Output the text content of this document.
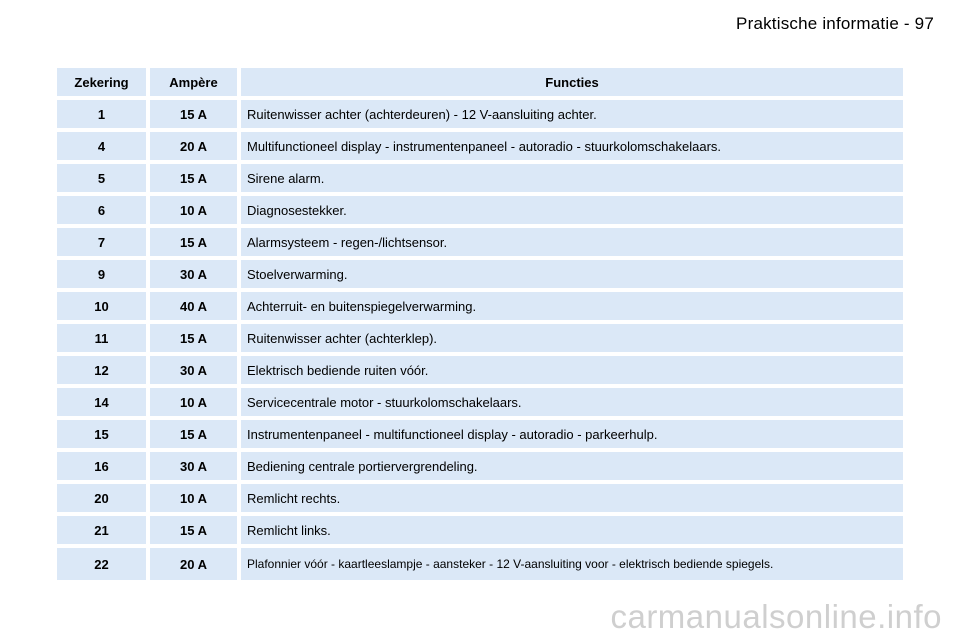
Praktische informatie - 97
Zekering	Ampère	Functies
1	15 A	Ruitenwisser achter (achterdeuren) - 12 V-aansluiting achter.
4	20 A	Multifunctioneel display - instrumentenpaneel - autoradio - stuurkolomschakelaars.
5	15 A	Sirene alarm.
6	10 A	Diagnosestekker.
7	15 A	Alarmsysteem - regen-/lichtsensor.
9	30 A	Stoelverwarming.
10	40 A	Achterruit- en buitenspiegelverwarming.
11	15 A	Ruitenwisser achter (achterklep).
12	30 A	Elektrisch bediende ruiten vóór.
14	10 A	Servicecentrale motor - stuurkolomschakelaars.
15	15 A	Instrumentenpaneel - multifunctioneel display - autoradio - parkeerhulp.
16	30 A	Bediening centrale portiervergrendeling.
20	10 A	Remlicht rechts.
21	15 A	Remlicht links.
22	20 A	Plafonnier vóór - kaartleeslampje - aansteker - 12 V-aansluiting voor - elektrisch bediende spiegels.
carmanualsonline.info
